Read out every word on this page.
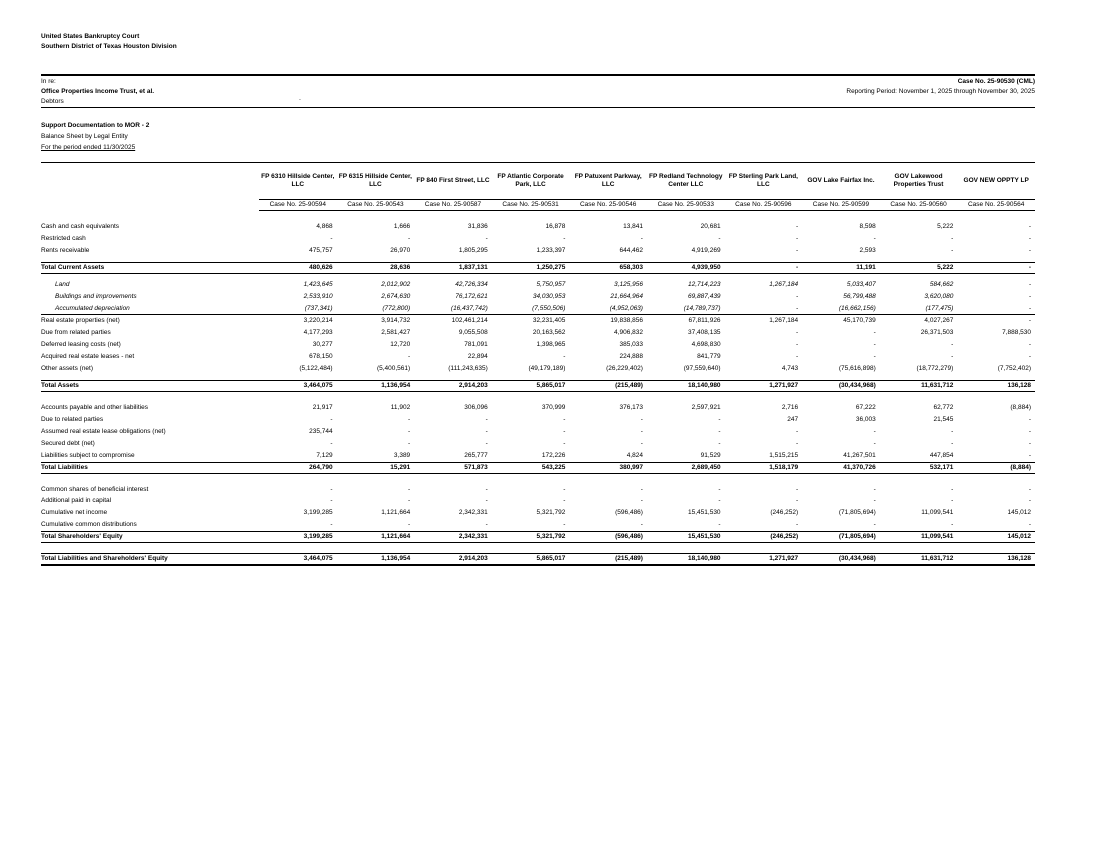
United States Bankruptcy Court
Southern District of Texas Houston Division
In re:
Office Properties Income Trust, et al.
Debtors	.
Case No. 25-90530 (CML)
Reporting Period: November 1, 2025 through November 30, 2025
Support Documentation to MOR - 2
Balance Sheet by Legal Entity
For the period ended 11/30/2025
	FP 6310 Hillside Center, LLC	FP 6315 Hillside Center, LLC	FP 840 First Street, LLC	FP Atlantic Corporate Park, LLC	FP Patuxent Parkway, LLC	FP Redland Technology Center LLC	FP Sterling Park Land, LLC	GOV Lake Fairfax Inc.	GOV Lakewood Properties Trust	GOV NEW OPPTY LP
	Case No. 25-90594	Case No. 25-90543	Case No. 25-90587	Case No. 25-90531	Case No. 25-90546	Case No. 25-90533	Case No. 25-90596	Case No. 25-90599	Case No. 25-90560	Case No. 25-90564

Cash and cash equivalents	4,868	1,666	31,836	16,878	13,841	20,681	-	8,598	5,222	-
Restricted cash	-	-	-	-	-	-	-	-	-	-
Rents receivable	475,757	26,970	1,805,295	1,233,397	644,462	4,919,269	-	2,593	-	-

Total Current Assets	480,626	28,636	1,837,131	1,250,275	658,303	4,939,950	-	11,191	5,222	-

Land	1,423,645	2,012,902	42,726,334	5,750,957	3,125,956	12,714,223	1,267,184	5,033,407	584,662	-
Buildings and improvements	2,533,910	2,674,630	76,172,621	34,030,953	21,664,964	69,887,439	-	56,799,488	3,620,080	-
Accumulated depreciation	(737,341)	(772,800)	(16,437,742)	(7,550,506)	(4,952,063)	(14,789,737)	-	(16,662,156)	(177,475)	-
Real estate properties (net)	3,220,214	3,914,732	102,461,214	32,231,405	19,838,856	67,811,926	1,267,184	45,170,739	4,027,267	-
Due from related parties	4,177,293	2,581,427	9,055,508	20,163,562	4,906,832	37,408,135	-	-	26,371,503	7,888,530
Deferred leasing costs (net)	30,277	12,720	781,091	1,398,965	385,033	4,698,830	-	-	-	-
Acquired real estate leases - net	678,150	-	22,894	-	224,888	841,779	-	-	-	-
Other assets (net)	(5,122,484)	(5,400,561)	(111,243,635)	(49,179,189)	(26,229,402)	(97,559,640)	4,743	(75,616,898)	(18,772,279)	(7,752,402)

Total Assets	3,464,075	1,136,954	2,914,203	5,865,017	(215,489)	18,140,980	1,271,927	(30,434,968)	11,631,712	136,128

Accounts payable and other liabilities	21,917	11,902	306,096	370,999	376,173	2,597,921	2,716	67,222	62,772	(8,884)
Due to related parties	-	-	-	-	-	-	247	36,003	21,545	-
Assumed real estate lease obligations (net)	235,744	-	-	-	-	-	-	-	-	-
Secured debt (net)	-	-	-	-	-	-	-	-	-	-
Liabilities subject to compromise	7,129	3,389	265,777	172,226	4,824	91,529	1,515,215	41,267,501	447,854	-
Total Liabilities	264,790	15,291	571,873	543,225	380,997	2,689,450	1,518,179	41,370,726	532,171	(8,884)

Common shares of beneficial interest	-	-	-	-	-	-	-	-	-	-
Additional paid in capital	-	-	-	-	-	-	-	-	-	-
Cumulative net income	3,199,285	1,121,664	2,342,331	5,321,792	(596,486)	15,451,530	(246,252)	(71,805,694)	11,099,541	145,012
Cumulative common distributions	-	-	-	-	-	-	-	-	-	-
Total Shareholders' Equity	3,199,285	1,121,664	2,342,331	5,321,792	(596,486)	15,451,530	(246,252)	(71,805,694)	11,099,541	145,012

Total Liabilities and Shareholders' Equity	3,464,075	1,136,954	2,914,203	5,865,017	(215,489)	18,140,980	1,271,927	(30,434,968)	11,631,712	136,128
